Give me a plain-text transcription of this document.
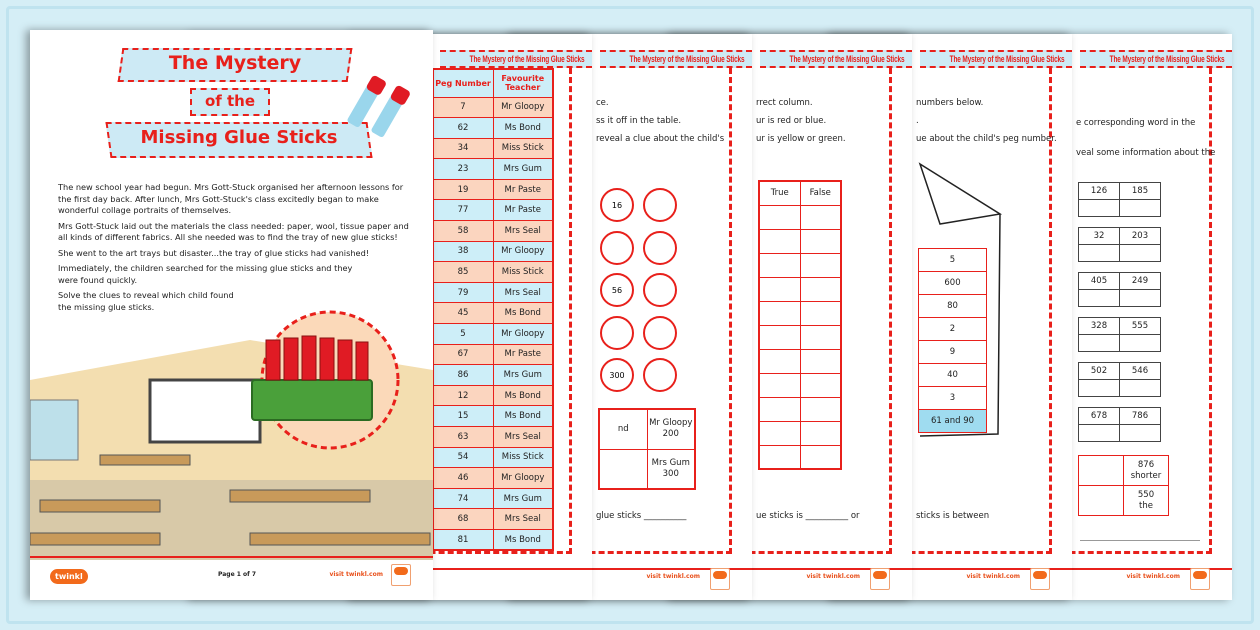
The Mystery of the Missing Glue Sticks
e corresponding word in the
veal some information about the
126	185

32	203

405	249

328	555

502	546

678	786

	876
shorter

	550
the
visit twinkl.com
The Mystery of the Missing Glue Sticks
numbers below.
.
ue about the child's peg number.
5
600
80
2
9
40
3
61 and 90
sticks is between
visit twinkl.com
The Mystery of the Missing Glue Sticks
rrect column.
ur is red or blue.
ur is yellow or green.
True	False

ue sticks is __________ or
visit twinkl.com
The Mystery of the Missing Glue Sticks
ce.
ss it off in the table.
reveal a clue about the child's
16
56
300
nd	Mr Gloopy 200
	Mrs Gum 300
glue sticks __________
visit twinkl.com
The Mystery of the Missing Glue Sticks
	Peg Number	Favourite Teacher
	7	Mr Gloopy
	62	Ms Bond
	34	Miss Stick
	23	Mrs Gum
	19	Mr Paste
	77	Mr Paste
	58	Mrs Seal
	38	Mr Gloopy
	85	Miss Stick
	79	Mrs Seal
	45	Ms Bond
	5	Mr Gloopy
	67	Mr Paste
	86	Mrs Gum
	12	Ms Bond
	15	Ms Bond
	63	Mrs Seal
	54	Miss Stick
	46	Mr Gloopy
	74	Mrs Gum
	68	Mrs Seal
	81	Ms Bond
The Mystery
of the
Missing Glue Sticks

The new school year had begun. Mrs Gott-Stuck organised her afternoon lessons for the first day back. After lunch, Mrs Gott-Stuck's class excitedly began to make wonderful collage portraits of themselves.

Mrs Gott-Stuck laid out the materials the class needed: paper, wool, tissue paper and all kinds of different fabrics. All she needed was to find the tray of new glue sticks!

She went to the art trays but disaster...the tray of glue sticks had vanished!

Immediately, the children searched for the missing glue sticks and they were found quickly.

Solve the clues to reveal which child found the missing glue sticks.

twinkl	Page 1 of 7	visit twinkl.com
